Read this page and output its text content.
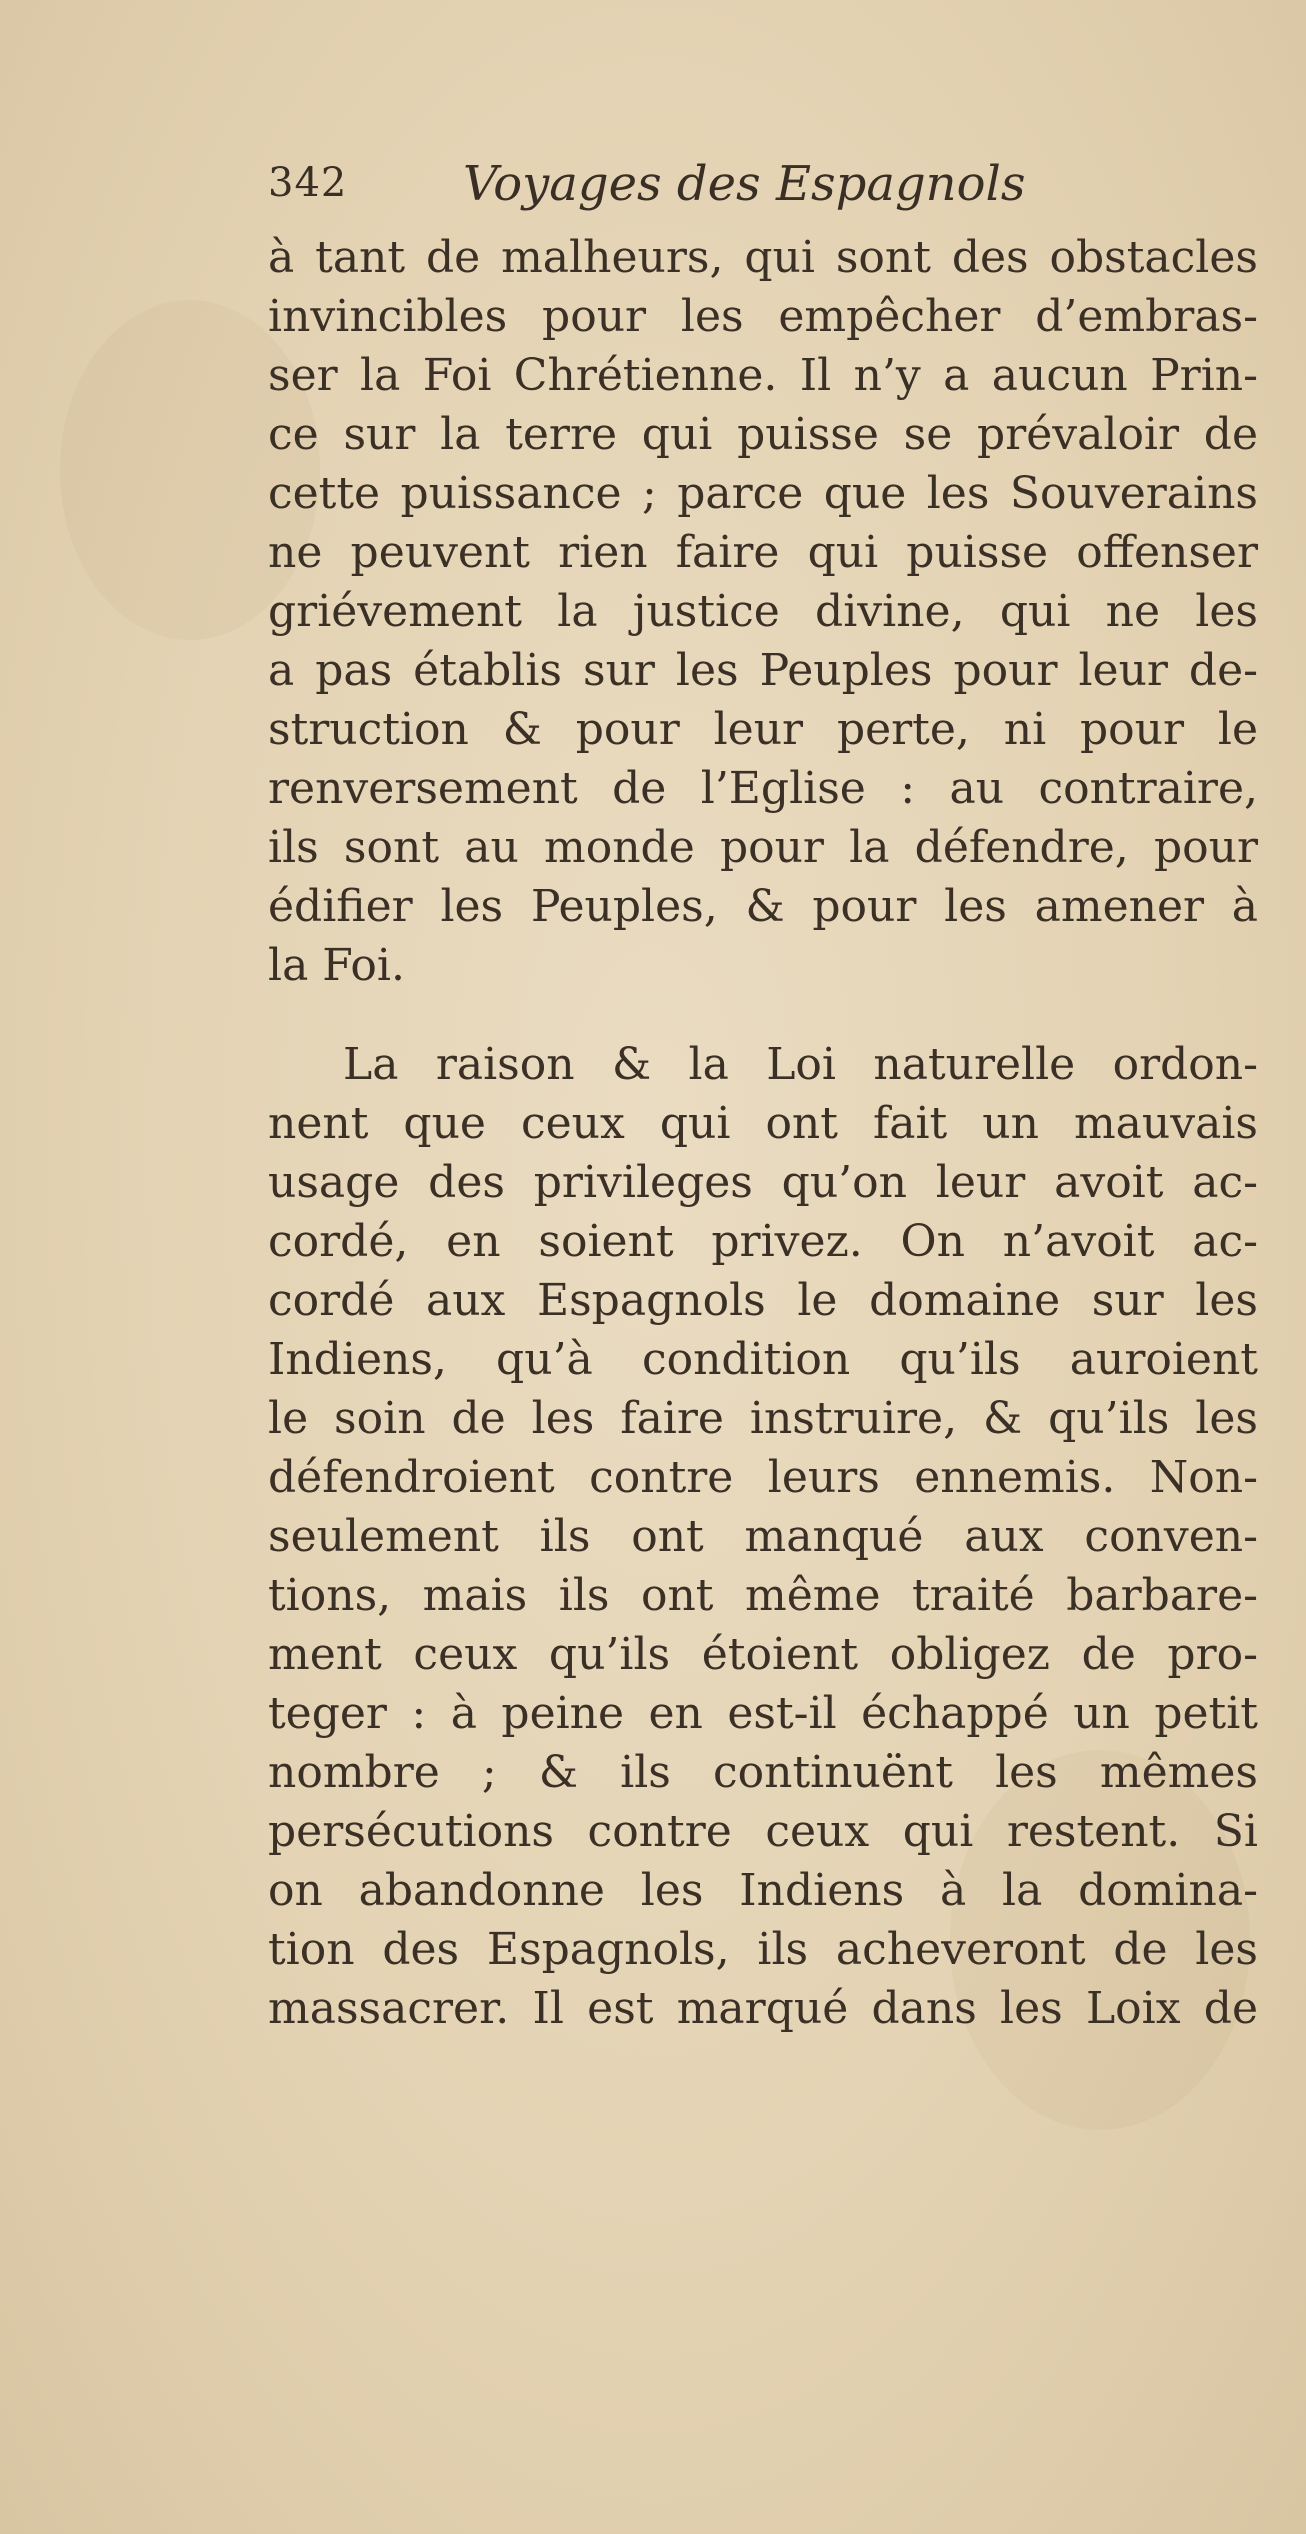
342 Voyages des Espagnols
à tant de malheurs, qui sont des obstacles
invincibles pour les empêcher d’embras-
ser la Foi Chrétienne. Il n’y a aucun Prin-
ce sur la terre qui puisse se prévaloir de
cette puissance ; parce que les Souverains
ne peuvent rien faire qui puisse offenser
griévement la justice divine, qui ne les
a pas établis sur les Peuples pour leur de-
struction & pour leur perte, ni pour le
renversement de l’Eglise : au contraire,
ils sont au monde pour la défendre, pour
édifier les Peuples, & pour les amener à
la Foi.
La raison & la Loi naturelle ordon-
nent que ceux qui ont fait un mauvais
usage des privileges qu’on leur avoit ac-
cordé, en soient privez. On n’avoit ac-
cordé aux Espagnols le domaine sur les
Indiens, qu’à condition qu’ils auroient
le soin de les faire instruire, & qu’ils les
défendroient contre leurs ennemis. Non-
seulement ils ont manqué aux conven-
tions, mais ils ont même traité barbare-
ment ceux qu’ils étoient obligez de pro-
teger : à peine en est-il échappé un petit
nombre ; & ils continuënt les mêmes
persécutions contre ceux qui restent. Si
on abandonne les Indiens à la domina-
tion des Espagnols, ils acheveront de les
massacrer. Il est marqué dans les Loix de
